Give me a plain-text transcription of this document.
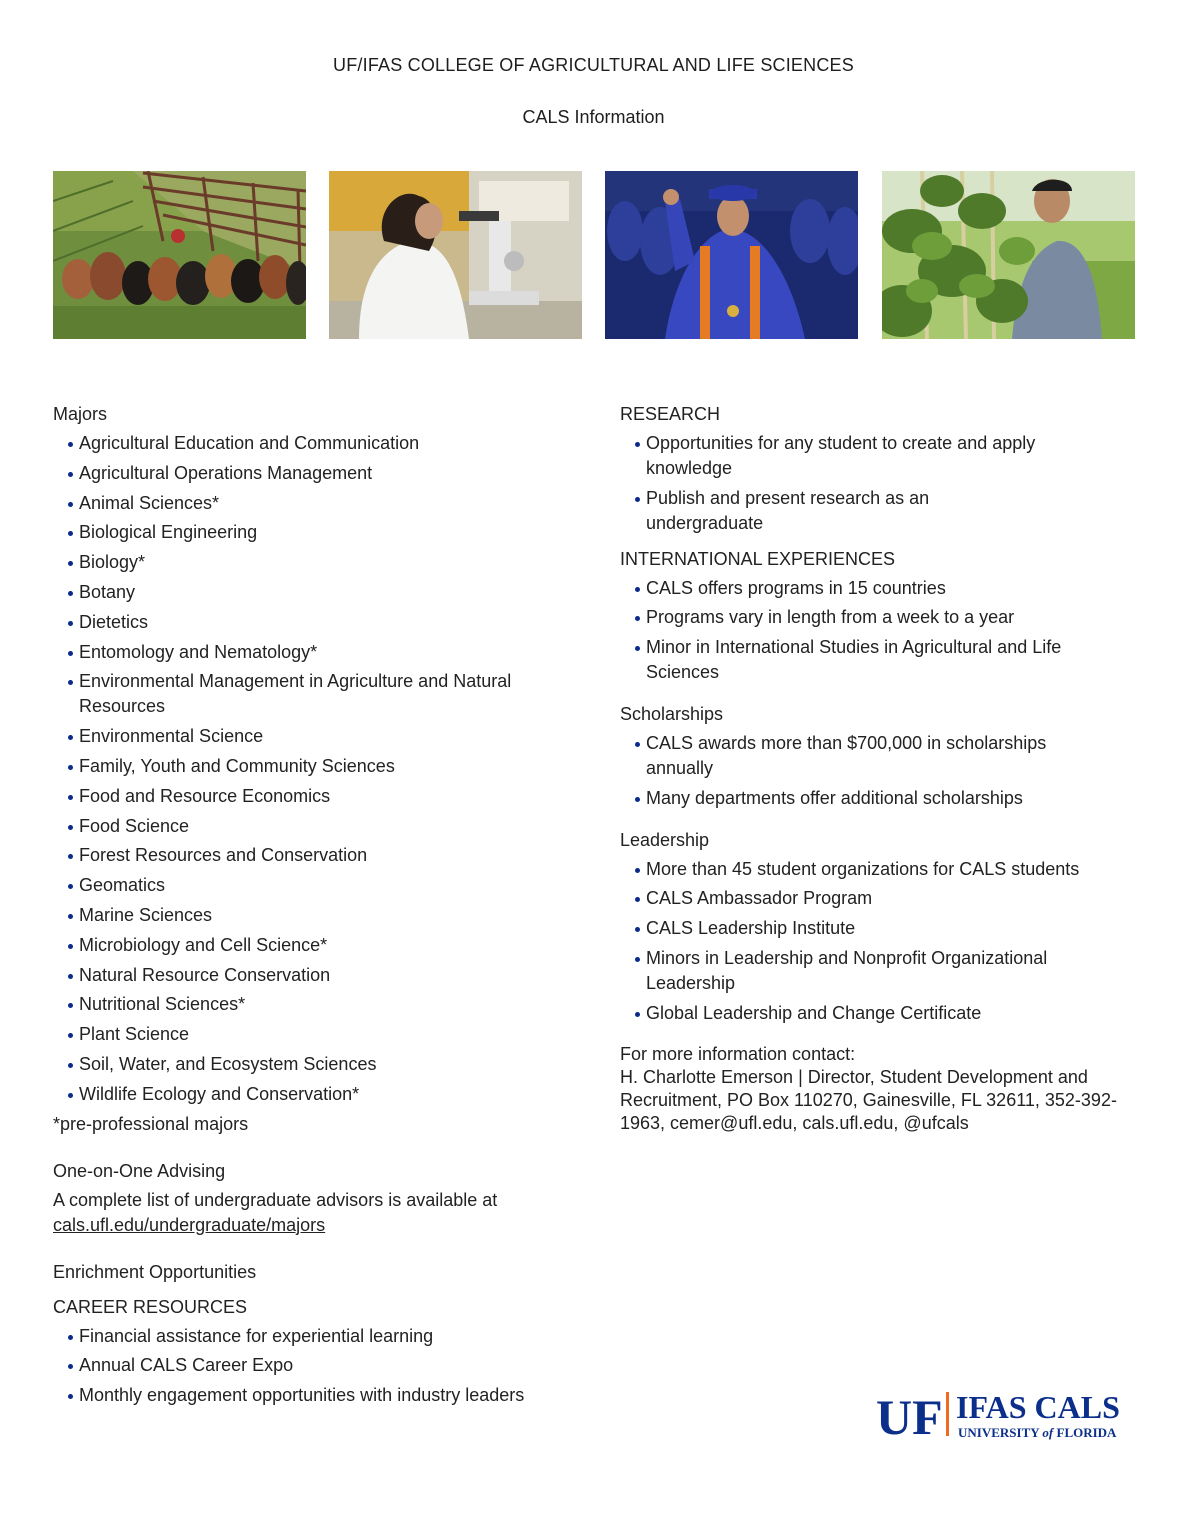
UF/IFAS COLLEGE OF AGRICULTURAL AND LIFE SCIENCES
CALS Information
Majors
Agricultural Education and Communication
Agricultural Operations Management
Animal Sciences*
Biological Engineering
Biology*
Botany
Dietetics
Entomology and Nematology*
Environmental Management in Agriculture and Natural Resources
Environmental Science
Family, Youth and Community Sciences
Food and Resource Economics
Food Science
Forest Resources and Conservation
Geomatics
Marine Sciences
Microbiology and Cell Science*
Natural Resource Conservation
Nutritional Sciences*
Plant Science
Soil, Water, and Ecosystem Sciences
Wildlife Ecology and Conservation*
*pre-professional majors
One-on-One Advising
A complete list of undergraduate advisors is available at
cals.ufl.edu/undergraduate/majors
Enrichment Opportunities
CAREER RESOURCES
Financial assistance for experiential learning
Annual CALS Career Expo
Monthly engagement opportunities with industry leaders
RESEARCH
Opportunities for any student to create and apply knowledge
Publish and present research as an undergraduate
INTERNATIONAL EXPERIENCES
CALS offers programs in 15 countries
Programs vary in length from a week to a year
Minor in International Studies in Agricultural and Life Sciences
Scholarships
CALS awards more than $700,000 in scholarships annually
Many departments offer additional scholarships
Leadership
More than 45 student organizations for CALS students
CALS Ambassador Program
CALS Leadership Institute
Minors in Leadership and Nonprofit Organizational Leadership
Global Leadership and Change Certificate
For more information contact:
H. Charlotte Emerson | Director, Student Development and Recruitment, PO Box 110270, Gainesville, FL 32611, 352-392-1963, cemer@ufl.edu, cals.ufl.edu, @ufcals
UF IFAS CALS
UNIVERSITY of FLORIDA
